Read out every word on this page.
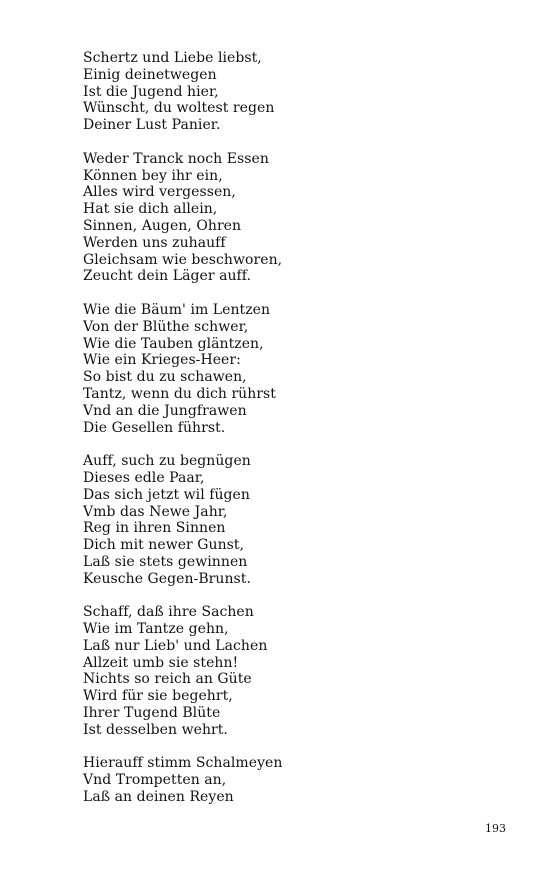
Schertz und Liebe liebst,
Einig deinetwegen
Ist die Jugend hier,
Wünscht, du woltest regen
Deiner Lust Panier.
Weder Tranck noch Essen
Können bey ihr ein,
Alles wird vergessen,
Hat sie dich allein,
Sinnen, Augen, Ohren
Werden uns zuhauff
Gleichsam wie beschworen,
Zeucht dein Läger auff.
Wie die Bäum' im Lentzen
Von der Blüthe schwer,
Wie die Tauben gläntzen,
Wie ein Krieges-Heer:
So bist du zu schawen,
Tantz, wenn du dich rührst
Vnd an die Jungfrawen
Die Gesellen führst.
Auff, such zu begnügen
Dieses edle Paar,
Das sich jetzt wil fügen
Vmb das Newe Jahr,
Reg in ihren Sinnen
Dich mit newer Gunst,
Laß sie stets gewinnen
Keusche Gegen-Brunst.
Schaff, daß ihre Sachen
Wie im Tantze gehn,
Laß nur Lieb' und Lachen
Allzeit umb sie stehn!
Nichts so reich an Güte
Wird für sie begehrt,
Ihrer Tugend Blüte
Ist desselben wehrt.
Hierauff stimm Schalmeyen
Vnd Trompetten an,
Laß an deinen Reyen
193
